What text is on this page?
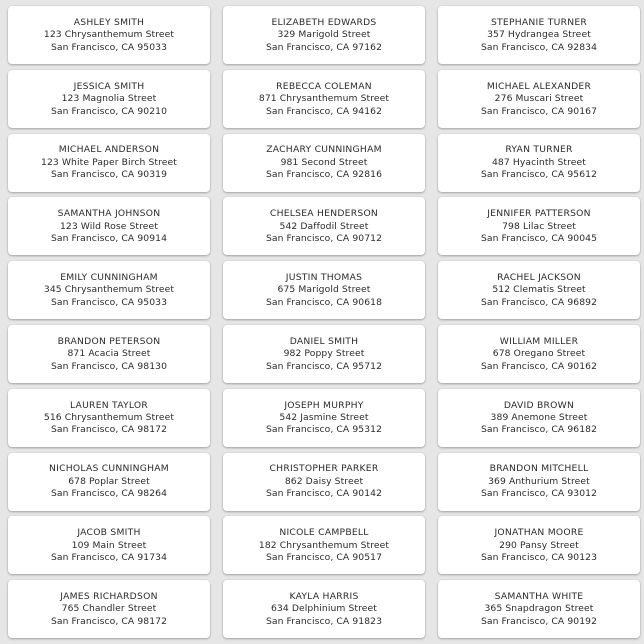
ASHLEY SMITH
123 Chrysanthemum Street
San Francisco, CA 95033
ELIZABETH EDWARDS
329 Marigold Street
San Francisco, CA 97162
STEPHANIE TURNER
357 Hydrangea Street
San Francisco, CA 92834
JESSICA SMITH
123 Magnolia Street
San Francisco, CA 90210
REBECCA COLEMAN
871 Chrysanthemum Street
San Francisco, CA 94162
MICHAEL ALEXANDER
276 Muscari Street
San Francisco, CA 90167
MICHAEL ANDERSON
123 White Paper Birch Street
San Francisco, CA 90319
ZACHARY CUNNINGHAM
981 Second Street
San Francisco, CA 92816
RYAN TURNER
487 Hyacinth Street
San Francisco, CA 95612
SAMANTHA JOHNSON
123 Wild Rose Street
San Francisco, CA 90914
CHELSEA HENDERSON
542 Daffodil Street
San Francisco, CA 90712
JENNIFER PATTERSON
798 Lilac Street
San Francisco, CA 90045
EMILY CUNNINGHAM
345 Chrysanthemum Street
San Francisco, CA 95033
JUSTIN THOMAS
675 Marigold Street
San Francisco, CA 90618
RACHEL JACKSON
512 Clematis Street
San Francisco, CA 96892
BRANDON PETERSON
871 Acacia Street
San Francisco, CA 98130
DANIEL SMITH
982 Poppy Street
San Francisco, CA 95712
WILLIAM MILLER
678 Oregano Street
San Francisco, CA 90162
LAUREN TAYLOR
516 Chrysanthemum Street
San Francisco, CA 98172
JOSEPH MURPHY
542 Jasmine Street
San Francisco, CA 95312
DAVID BROWN
389 Anemone Street
San Francisco, CA 96182
NICHOLAS CUNNINGHAM
678 Poplar Street
San Francisco, CA 98264
CHRISTOPHER PARKER
862 Daisy Street
San Francisco, CA 90142
BRANDON MITCHELL
369 Anthurium Street
San Francisco, CA 93012
JACOB SMITH
109 Main Street
San Francisco, CA 91734
NICOLE CAMPBELL
182 Chrysanthemum Street
San Francisco, CA 90517
JONATHAN MOORE
290 Pansy Street
San Francisco, CA 90123
JAMES RICHARDSON
765 Chandler Street
San Francisco, CA 98172
KAYLA HARRIS
634 Delphinium Street
San Francisco, CA 91823
SAMANTHA WHITE
365 Snapdragon Street
San Francisco, CA 90192
